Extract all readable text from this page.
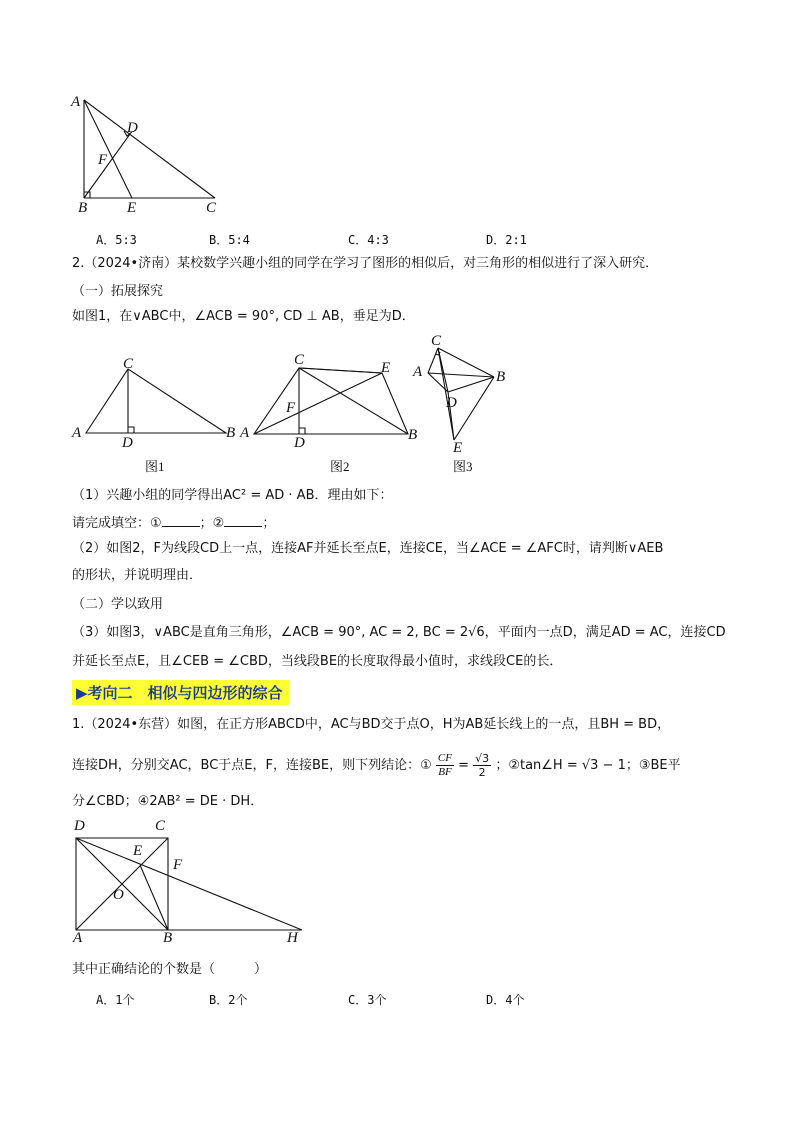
A
D
F
B	E	C
A．5:3	B．5:4	C．4:3	D．2:1
2.（2024•济南）某校数学兴趣小组的同学在学习了图形的相似后，对三角形的相似进行了深入研究．
（一）拓展探究
如图1，在∨ABC中，∠ACB = 90°, CD ⊥ AB，垂足为D．
C
A
D
B
图1
C	E
F
A
D	B
图2
C
A	B
D
E
图3
（1）兴趣小组的同学得出AC² = AD · AB．理由如下：
请完成填空：①	；②	；
（2）如图2，F为线段CD上一点，连接AF并延长至点E，连接CE，当∠ACE = ∠AFC时，请判断∨AEB
的形状，并说明理由．
（二）学以致用
（3）如图3，∨ABC是直角三角形，∠ACB = 90°, AC = 2, BC = 2√6，平面内一点D，满足AD = AC，连接CD
并延长至点E，且∠CEB = ∠CBD，当线段BE的长度取得最小值时，求线段CE的长．
▶考向二　相似与四边形的综合
1.（2024•东营）如图，在正方形ABCD中，AC与BD交于点O，H为AB延长线上的一点，且BH = BD，
连接DH，分别交AC，BC于点E，F，连接BE，则下列结论：① $\frac{CF}{BF} = \frac{√3}{2}$ ；②tan∠H = √3 − 1；③BE平
分∠CBD；④2AB² = DE · DH．
D	C
E
F
O
A	B	H
其中正确结论的个数是（　　　）
A．1个	B．2个	C．3个	D．4个
